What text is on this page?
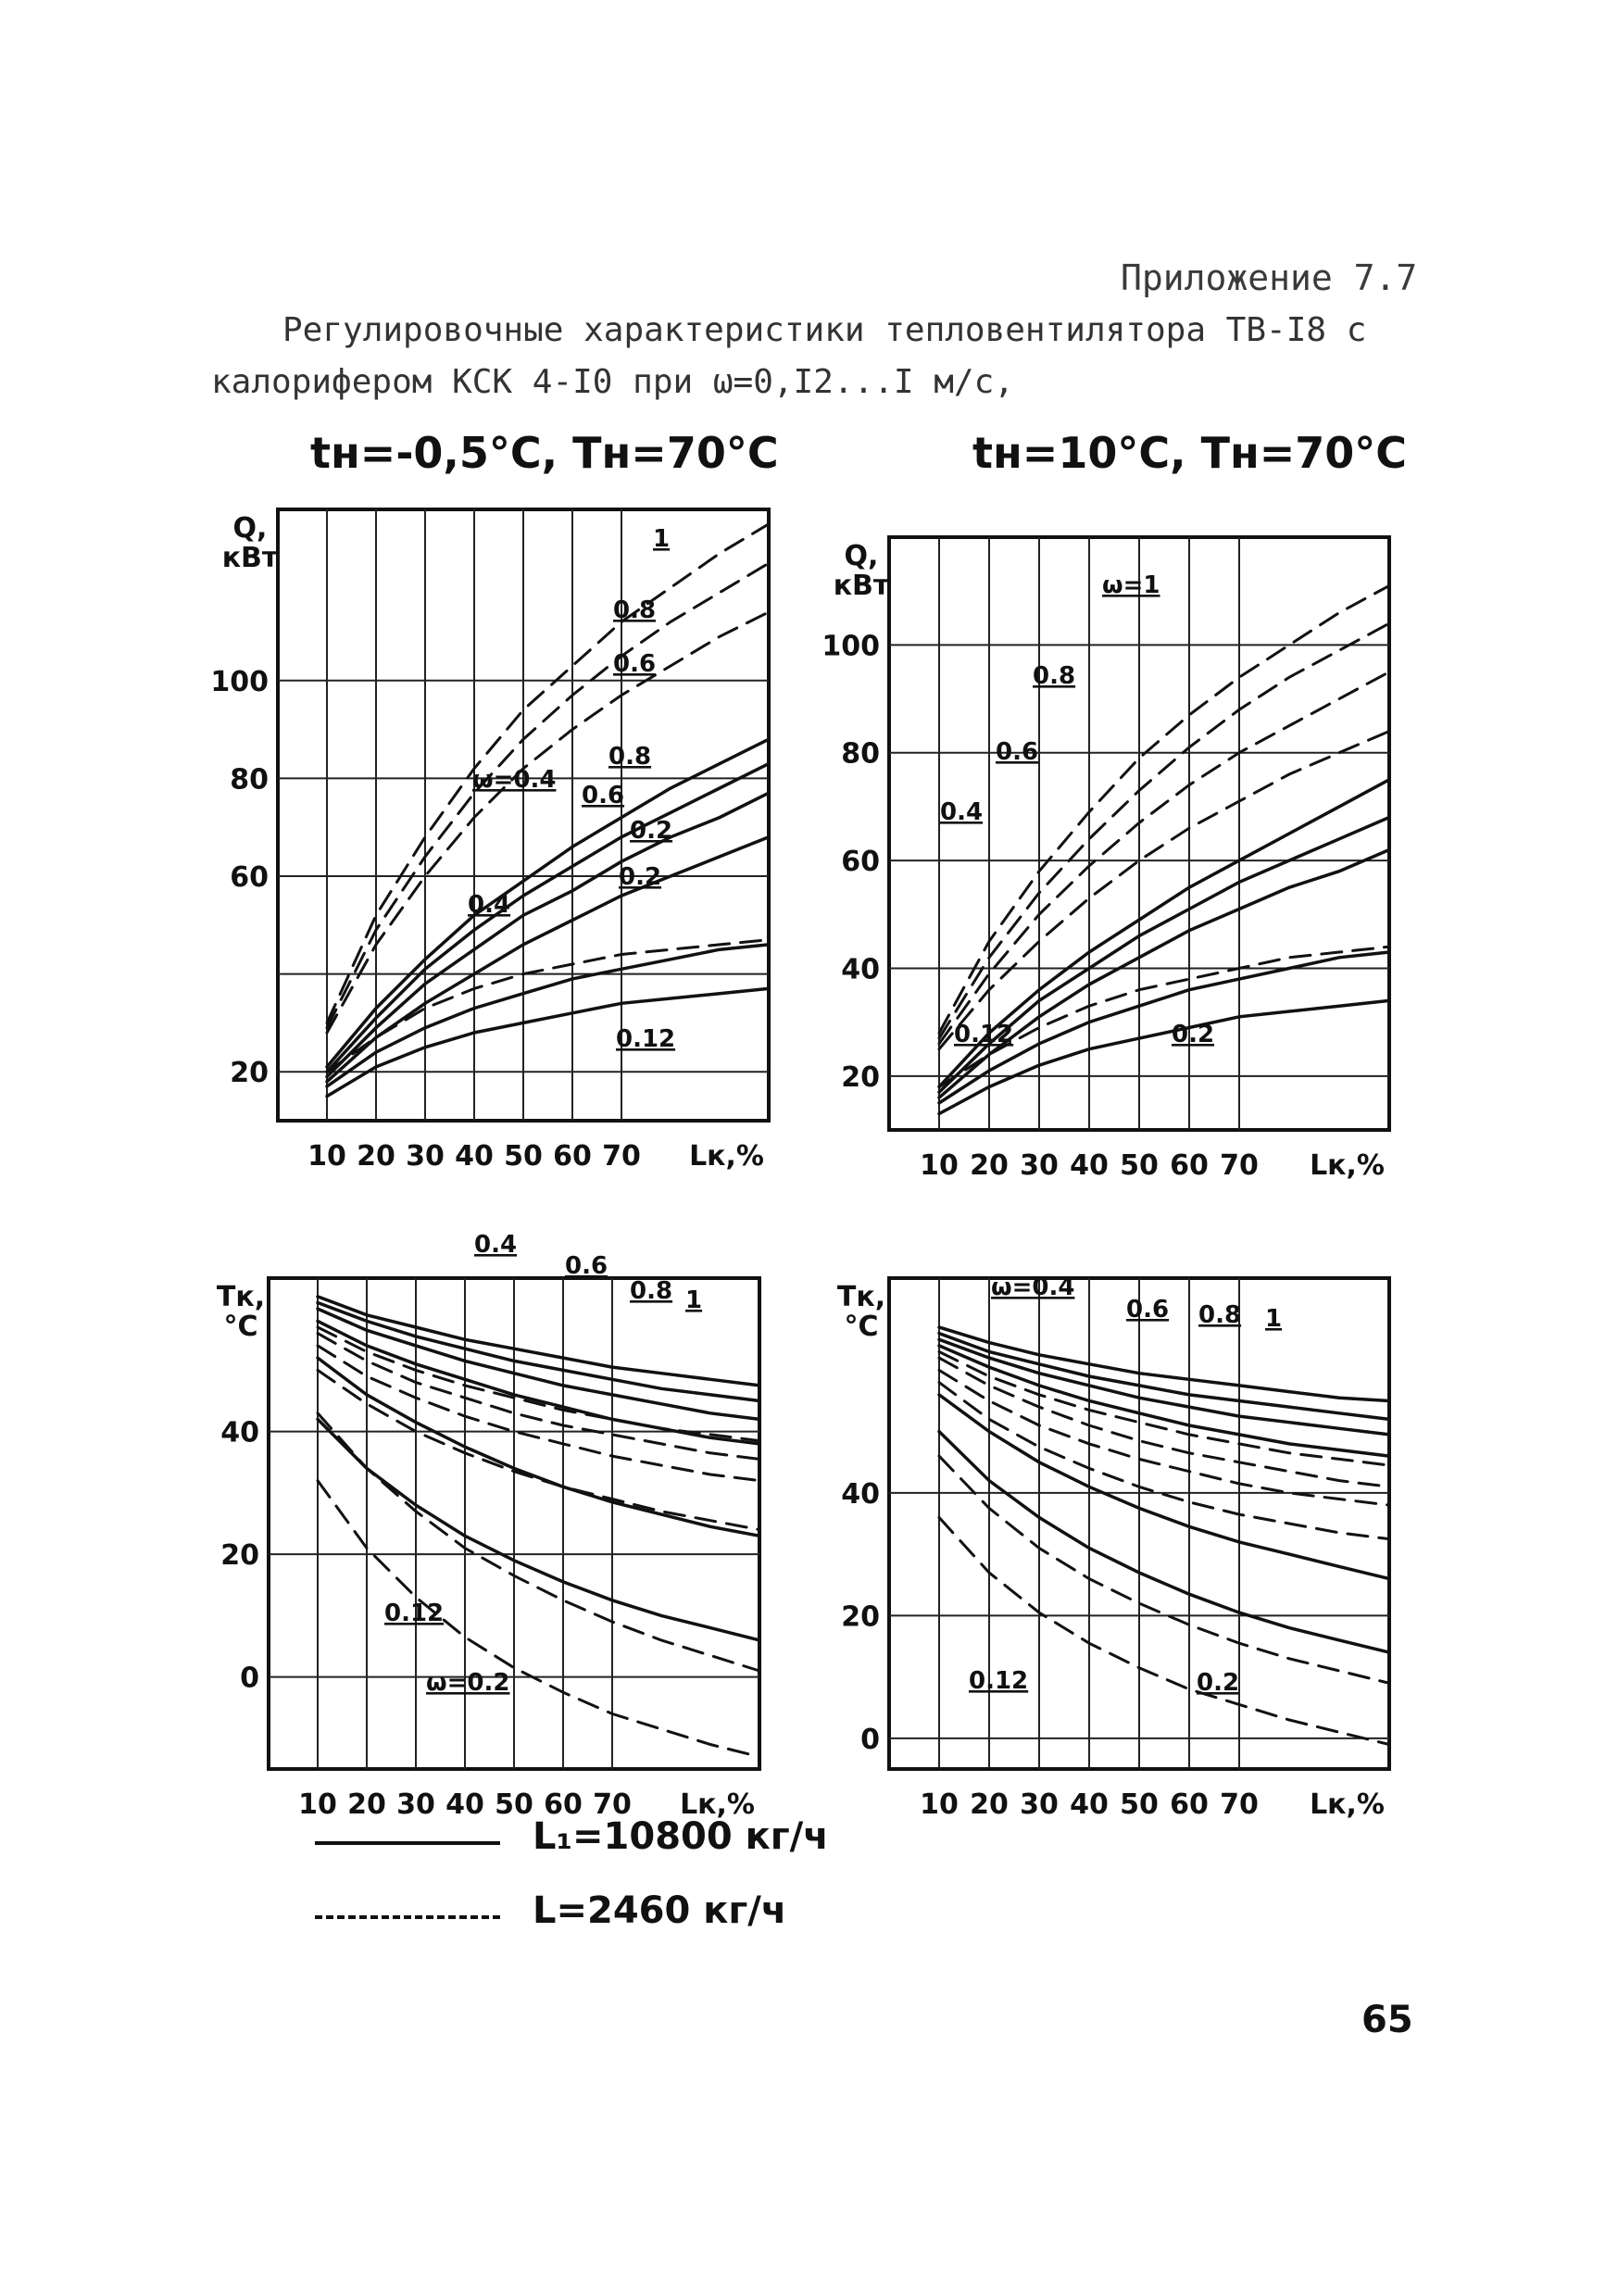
Приложение 7.7
Регулировочные характеристики тепловентилятора ТВ-I8 с
калорифером КСК 4-I0 при ω=0,I2...I м/с,
tн=-0,5°С, Тн=70°С	tн=10°С, Тн=70°С
10 20 30 40 50 60 70
20
60
80
100
Q,
кВт
Lк,%
1
0.8
0.6
ω=0.4
0.8
0.6
0.2
0.2
0.4
0.12
10 20 30 40 50 60 70
20
40
60
80
100
Q,
кВт
Lк,%
ω=1
0.8
0.6
0.4
0.12	0.2
10 20 30 40 50 60 70
0
20
40
Tк,
°С
Lк,%
0.4
0.6
0.8 1
0.12
ω=0.2
10 20 30 40 50 60 70
0
20
40
Tк,
°С
Lк,%
ω=0.4
0.6 0.8 1
0.12	0.2
L₁=10800 кг/ч
L=2460 кг/ч
65
